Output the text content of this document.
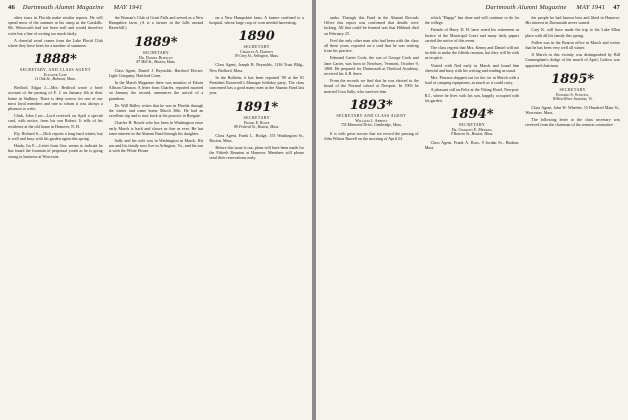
46 Dartmouth Alumni Magazine MAY 1941

other tours in Florida make similar reports. He will spend most of the summer at his camp in the Catskills. Mr. Winsworth had not been well and would therefore write but a line of writing too much lately.

A cheerful word comes from the Lake Placid Club where they have been for a number of summers.

1888*
SECRETARY, AND CLASS AGENT
Eleazer Cate
11 Oak St., Belmont, Mass.

Bedford, Edgar J.—Mrs. Bedford wrote a brief account of the passing of E. J. on January 4th at their home in Sudbury. There is deep sorrow for one of our most loyal members and one to whom it was always a pleasure to write.

Clark, John Low—Lord received on April a special card, with notice, from his son Robert. It tells of his residence at the old home in Hanover, N. H.

Ely, Richard S.—Dick reports a long hard winter, but is well and busy with his garden again this spring.

Hardy, Ira F.—Letter from Gen. seems to indicate he has found the fountain of perpetual youth as he is going strong in business at Worcester.

the Woman's Club of Great Falls and served as a New Hampshire farm. (A is a farmer in the hills around Haverhill.)

1889*
SECRETARY
Dr. Daniel Bursley
87 Mill St., Boston, Mass.

Class Agent, Daniel J. Reynolds, Hartford Electric Light Company, Hartford Conn.

In the March Magazine there was mention of Edwin Allison Gleason. A letter from Charles, reported married on January the second, announces the arrival of a grandson.

Dr. Will Ridley writes that he was in Florida through the winter and came home March 30th. He had an excellent trip and is now back at his practice in Ryegate.

Charles H. Bowle who has been in Washington since early March is back and shows as fine as ever. He has some interest in the Alumni Fund through his daughter.

Sally and his wife was in Washington in March. His son and his family now live in Arlington, Va., and his son is with the White House.

on a New Hampshire farm. A farmer confined to a hospital, whose large crop of corn needed harvesting.

1890
SECRETARY
Charles A. Dabney
39 Grey St., Arlington, Mass.

Class Agent, Joseph B. Reynolds, 1136 Trust Bldg., New Bedford, Mass.

In the Bulletin, it has been reported '90 at the 81 President Roosevelt's Manager birthday party. The class concerned has a good many men in the Alumni Fund last year.

1891*
SECRETARY
Frank E. Rowe
80 Federal St., Boston, Mass.

Class Agent, Frank L. Hodge, 153 Washington St., Boston, Mass.

Before this issue is out, plans will have been made for the Fiftieth Reunion at Hanover. Members will please send their reservations early.

Dartmouth Alumni Magazine MAY 1941 47

ranks. Through this Fund in the Alumni Records Office this report was confirmed that details were lacking. All that could be learned was that Hibbard died on February 25.

Fred the only other man who had been with the class all these years, reported on a card that he was retiring from his practice.

Edmund Carter Cook, the son of George Cook and Jane Carter, was born in Newbury, Vermont, October 9, 1868. He prepared for Dartmouth at Thetford Academy, received his A.B. there.

From the records we find that he was elected to the board of the Normal school at Newport. In 1903 he married Cora Sally, who survives him.

1893*
SECRETARY AND CLASS AGENT
William L. Abbott
755 Memorial Drive, Cambridge, Mass.

It is with great sorrow that we record the passing of John Wilson Burrell on the morning of April 23.

which "Happy" has done and will continue to do for the college.

Friends of Harry D. H. have noted his retirement as Justice of the Municipal Court and many daily papers carried the notice of this event.

The class regrets that Mrs. Kenny and Daniel will not be able to make the fiftieth reunion, but they will be with us in spirit.

Visited with Ned early in March and found him cheerful and busy with his writing and reading as usual.

Mrs. Pearson shipped out for the ice in March with a load of camping equipment, as much as it could carry.

A pleasant call on Felix at the Viking Hotel, Newport, R.I., where he lives with his son, happily occupied with his garden.

1894*
SECRETARY
Dr. Charles E. Merrill
9 Beacon St., Boston, Mass.

Class Agent, Frank A. Ross, 9 Jordan St., Hudson, Mass.

the people he had known best and liked in Hanover. His interest in Dartmouth never waned.

Cary K. will have made the trip to his Lake Ellen place with all his family this spring.

Pullen was in the Boston office in March and writes that he has been very well all winter.

If March in this vicinity was distinguished by Bill Cunningham's dodge of the march of April, Garlow was appointed chairman.

1895*
SECRETARY
Edward S. Stowell
Willow River Junction, Vt.

Class Agent, John W. Wheeler, 15 Hundred Main St., Worcester, Mass.

The following letter to the class secretary was received from the chairman of the reunion committee.
